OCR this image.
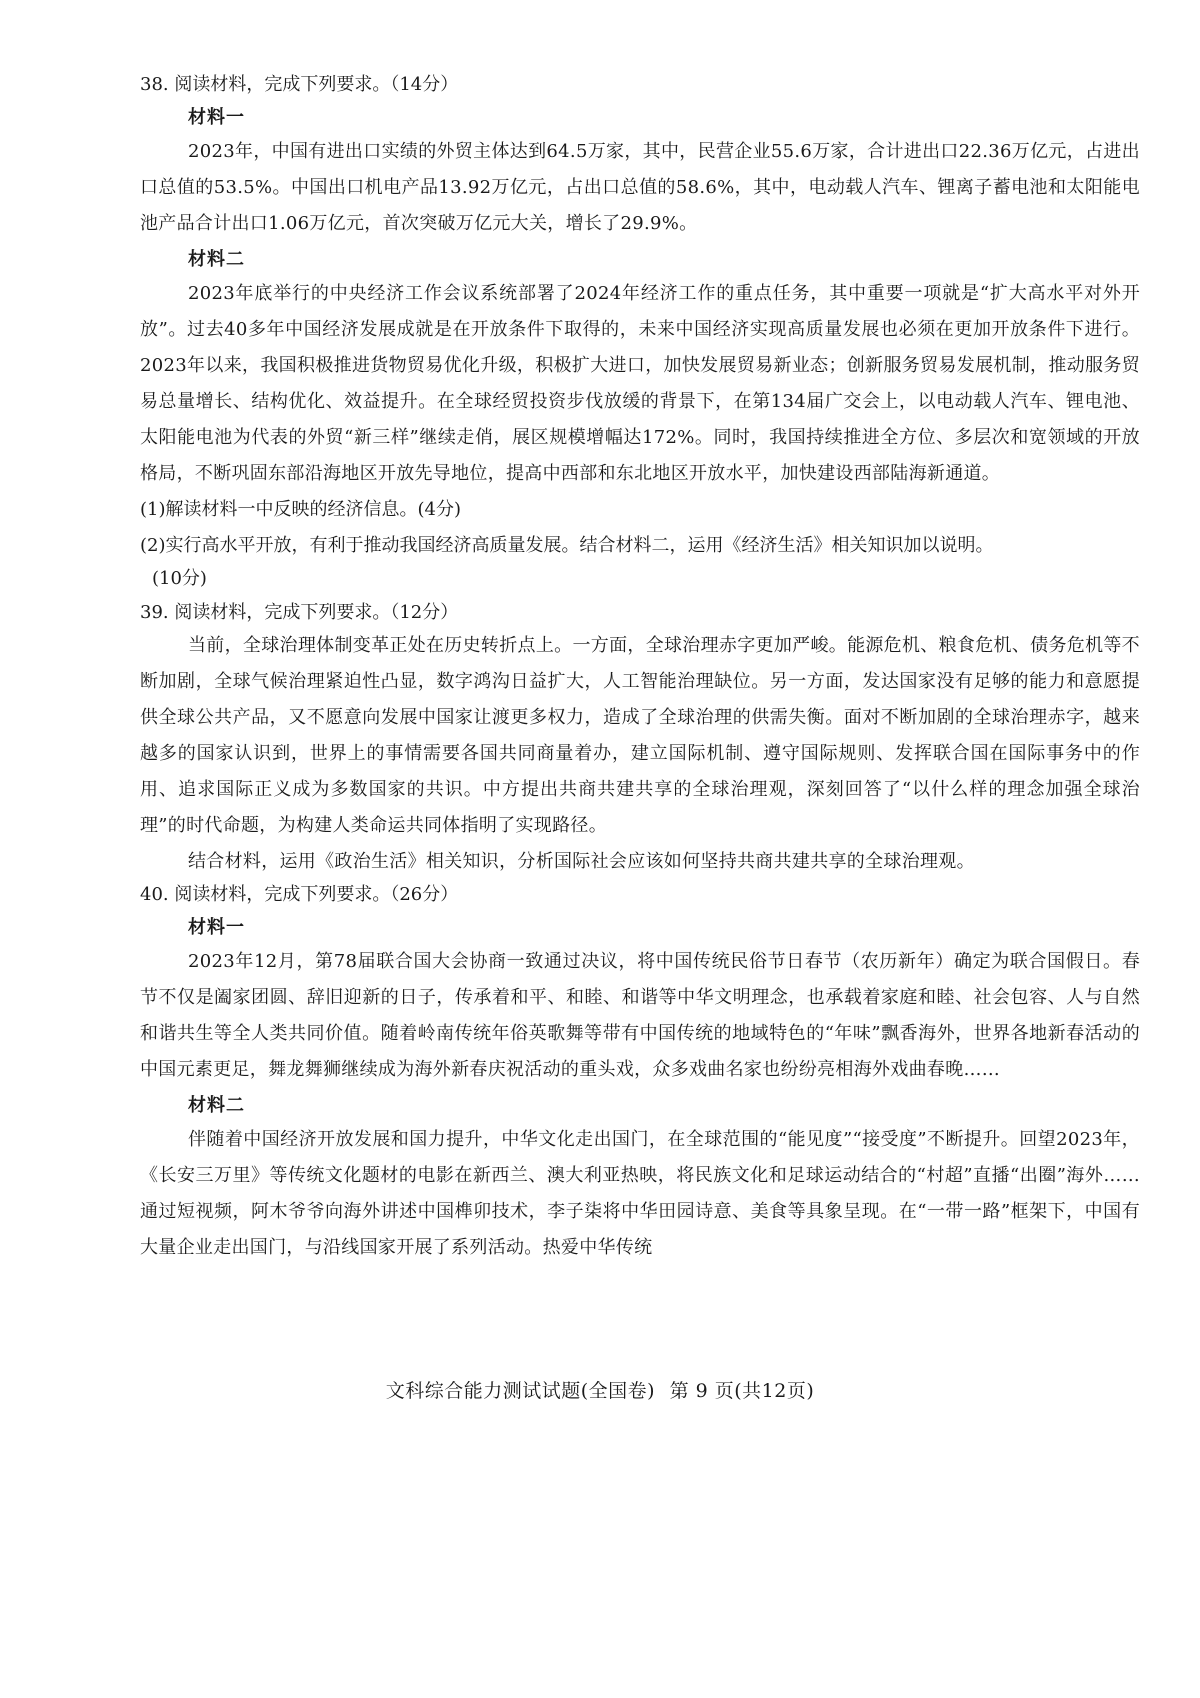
38. 阅读材料，完成下列要求。（14分）

材料一

2023年，中国有进出口实绩的外贸主体达到64.5万家，其中，民营企业55.6万家，合计进出口22.36万亿元，占进出口总值的53.5%。中国出口机电产品13.92万亿元，占出口总值的58.6%，其中，电动载人汽车、锂离子蓄电池和太阳能电池产品合计出口1.06万亿元，首次突破万亿元大关，增长了29.9%。

材料二

2023年底举行的中央经济工作会议系统部署了2024年经济工作的重点任务，其中重要一项就是“扩大高水平对外开放”。过去40多年中国经济发展成就是在开放条件下取得的，未来中国经济实现高质量发展也必须在更加开放条件下进行。2023年以来，我国积极推进货物贸易优化升级，积极扩大进口，加快发展贸易新业态；创新服务贸易发展机制，推动服务贸易总量增长、结构优化、效益提升。在全球经贸投资步伐放缓的背景下，在第134届广交会上，以电动载人汽车、锂电池、太阳能电池为代表的外贸“新三样”继续走俏，展区规模增幅达172%。同时，我国持续推进全方位、多层次和宽领域的开放格局，不断巩固东部沿海地区开放先导地位，提高中西部和东北地区开放水平，加快建设西部陆海新通道。

(1)解读材料一中反映的经济信息。(4分)

(2)实行高水平开放，有利于推动我国经济高质量发展。结合材料二，运用《经济生活》相关知识加以说明。

(10分)

39. 阅读材料，完成下列要求。（12分）

当前，全球治理体制变革正处在历史转折点上。一方面，全球治理赤字更加严峻。能源危机、粮食危机、债务危机等不断加剧，全球气候治理紧迫性凸显，数字鸿沟日益扩大，人工智能治理缺位。另一方面，发达国家没有足够的能力和意愿提供全球公共产品，又不愿意向发展中国家让渡更多权力，造成了全球治理的供需失衡。面对不断加剧的全球治理赤字，越来越多的国家认识到，世界上的事情需要各国共同商量着办，建立国际机制、遵守国际规则、发挥联合国在国际事务中的作用、追求国际正义成为多数国家的共识。中方提出共商共建共享的全球治理观，深刻回答了“以什么样的理念加强全球治理”的时代命题，为构建人类命运共同体指明了实现路径。

结合材料，运用《政治生活》相关知识，分析国际社会应该如何坚持共商共建共享的全球治理观。

40. 阅读材料，完成下列要求。（26分）

材料一

2023年12月，第78届联合国大会协商一致通过决议，将中国传统民俗节日春节（农历新年）确定为联合国假日。春节不仅是阖家团圆、辞旧迎新的日子，传承着和平、和睦、和谐等中华文明理念，也承载着家庭和睦、社会包容、人与自然和谐共生等全人类共同价值。随着岭南传统年俗英歌舞等带有中国传统的地域特色的“年味”飘香海外，世界各地新春活动的中国元素更足，舞龙舞狮继续成为海外新春庆祝活动的重头戏，众多戏曲名家也纷纷亮相海外戏曲春晚……

材料二

伴随着中国经济开放发展和国力提升，中华文化走出国门，在全球范围的“能见度”“接受度”不断提升。回望2023年，《长安三万里》等传统文化题材的电影在新西兰、澳大利亚热映，将民族文化和足球运动结合的“村超”直播“出圈”海外……通过短视频，阿木爷爷向海外讲述中国榫卯技术，李子柒将中华田园诗意、美食等具象呈现。在“一带一路”框架下，中国有大量企业走出国门，与沿线国家开展了系列活动。热爱中华传统

文科综合能力测试试题(全国卷) 第 9 页(共12页)
